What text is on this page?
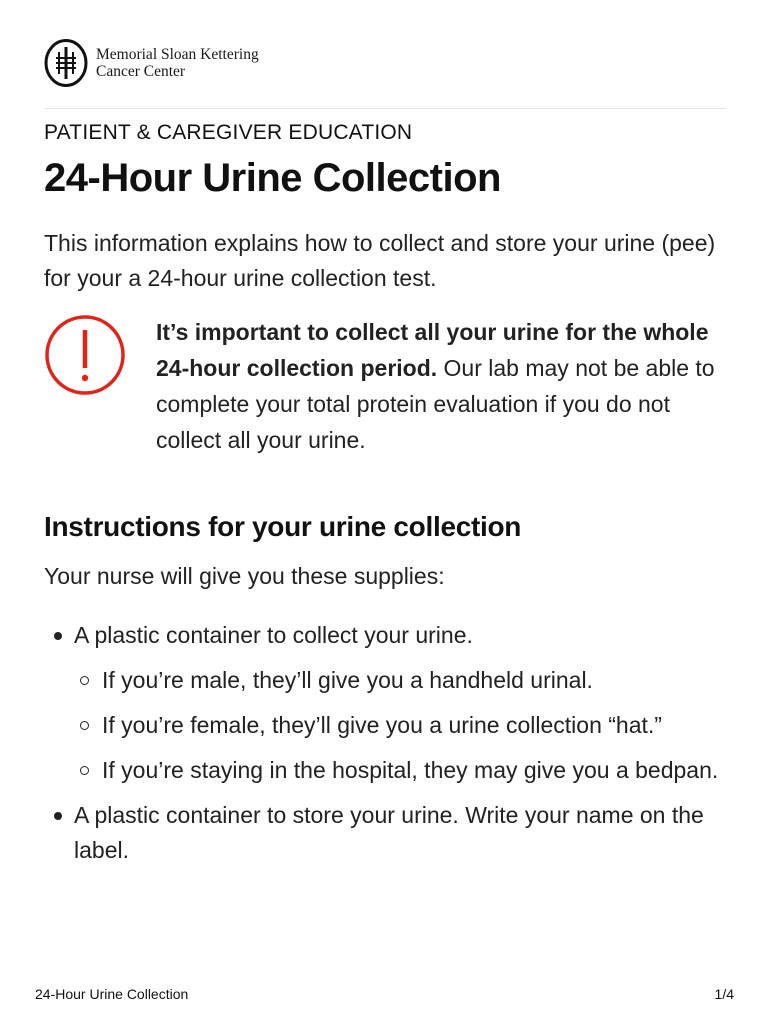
Memorial Sloan Kettering
Cancer Center
PATIENT & CAREGIVER EDUCATION
24-Hour Urine Collection
This information explains how to collect and store your urine (pee) for your a 24-hour urine collection test.
It’s important to collect all your urine for the whole 24-hour collection period. Our lab may not be able to complete your total protein evaluation if you do not collect all your urine.
Instructions for your urine collection
Your nurse will give you these supplies:
A plastic container to collect your urine.
If you’re male, they’ll give you a handheld urinal.
If you’re female, they’ll give you a urine collection “hat.”
If you’re staying in the hospital, they may give you a bedpan.
A plastic container to store your urine. Write your name on the label.
24-Hour Urine Collection	1/4
